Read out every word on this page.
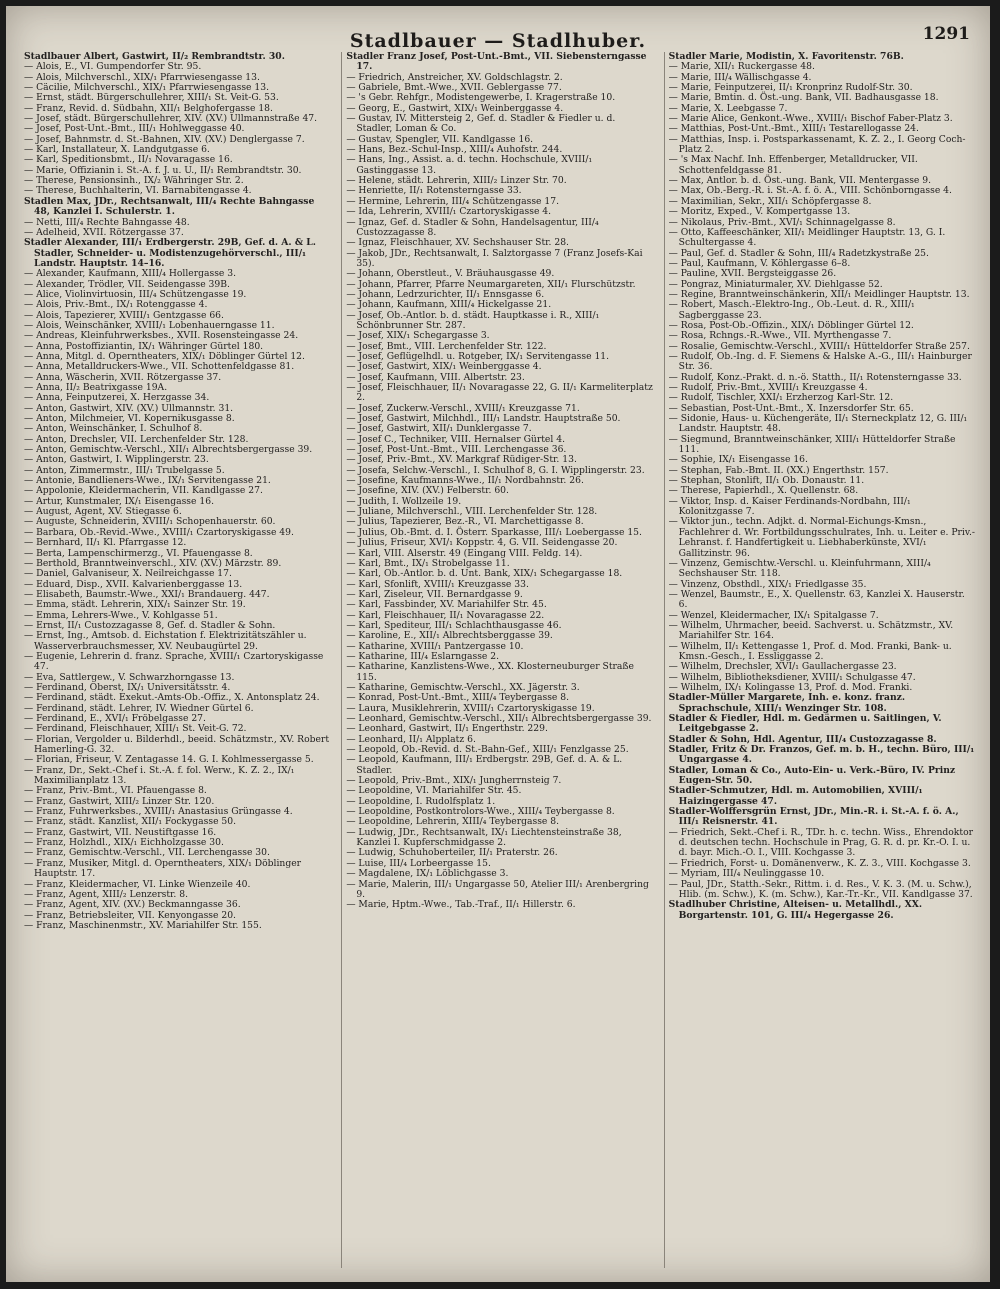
Stadlbauer — Stadlhuber.	1291
Stadlbauer Albert, Gastwirt, II/₂ Rembrandtstr. 30.
— Alois, E., VI. Gumpendorfer Str. 95.
— Alois, Milchverschl., XIX/₁ Pfarrwiesengasse 13.
— Cäcilie, Milchverschl., XIX/₁ Pfarrwiesengasse 13.
— Ernst, städt. Bürgerschullehrer, XIII/₁ St. Veit-G. 53.
— Franz, Revid. d. Südbahn, XII/₁ Belghofergasse 18.
— Josef, städt. Bürgerschullehrer, XIV. (XV.) Ullmannstraße 47.
— Josef, Post-Unt.-Bmt., III/₁ Hohlweggasse 40.
— Josef, Bahnmstr. d. St.-Bahnen, XIV. (XV.) Denglergasse 7.
— Karl, Installateur, X. Landgutgasse 6.
— Karl, Speditionsbmt., II/₁ Novaragasse 16.
— Marie, Offizianin i. St.-A. f. J. u. U., II/₁ Rembrandtstr. 30.
— Therese, Pensionsinh., IX/₂ Währinger Str. 2.
— Therese, Buchhalterin, VI. Barnabitengasse 4.
Stadlen Max, JDr., Rechtsanwalt, III/₄ Rechte Bahngasse 48, Kanzlei I. Schulerstr. 1.
— Netti, III/₄ Rechte Bahngasse 48.
— Adelheid, XVII. Rötzergasse 37.
Stadler Alexander, III/₁ Erdbergerstr. 29B, Gef. d. A. & L. Stadler, Schneider- u. Modistenzugehörverschl., III/₁ Landstr. Hauptstr. 14–16.
— Alexander, Kaufmann, XIII/₄ Hollergasse 3.
— Alexander, Trödler, VII. Seidengasse 39B.
— Alice, Violinvirtuosin, III/₄ Schützengasse 19.
— Alois, Priv.-Bmt., IX/₁ Rotenggasse 4.
— Alois, Tapezierer, XVIII/₁ Gentzgasse 66.
— Alois, Weinschänker, XVIII/₁ Lobenhauerngasse 11.
— Andreas, Kleinfuhrwerksbes., XVII. Rosensteingasse 24.
— Anna, Postoffiziantin, IX/₁ Währinger Gürtel 180.
— Anna, Mitgl. d. Operntheaters, XIX/₁ Döblinger Gürtel 12.
— Anna, Metalldruckers-Wwe., VII. Schottenfeldgasse 81.
— Anna, Wäscherin, XVII. Rötzergasse 37.
— Anna, II/₂ Beatrixgasse 19A.
— Anna, Feinputzerei, X. Herzgasse 34.
— Anton, Gastwirt, XIV. (XV.) Ullmannstr. 31.
— Anton, Milchmeier, VI. Kopernikusgasse 8.
— Anton, Weinschänker, I. Schulhof 8.
— Anton, Drechsler, VII. Lerchenfelder Str. 128.
— Anton, Gemischtw.-Verschl., XII/₁ Albrechtsbergergasse 39.
— Anton, Gastwirt, I. Wipplingerstr. 23.
— Anton, Zimmermstr., III/₁ Trubelgasse 5.
— Antonie, Bandlieners-Wwe., IX/₁ Servitengasse 21.
— Appolonie, Kleidermacherin, VII. Kandlgasse 27.
— Artur, Kunstmaler, IX/₁ Eisengasse 16.
— August, Agent, XV. Stiegasse 6.
— Auguste, Schneiderin, XVIII/₁ Schopenhauerstr. 60.
— Barbara, Ob.-Revid.-Wwe., XVIII/₁ Czartoryskigasse 49.
— Bernhard, II/₁ Kl. Pfarrgasse 12.
— Berta, Lampenschirmerzg., VI. Pfauengasse 8.
— Berthold, Branntweinverschl., XIV. (XV.) Märzstr. 89.
— Daniel, Galvaniseur, X. Neilreichgasse 17.
— Eduard, Disp., XVII. Kalvarienberggasse 13.
— Elisabeth, Baumstr.-Wwe., XXI/₁ Brandauerg. 447.
— Emma, städt. Lehrerin, XIX/₁ Sainzer Str. 19.
— Emma, Lehrers-Wwe., V. Kohlgasse 51.
— Ernst, II/₁ Custozzagasse 8, Gef. d. Stadler & Sohn.
— Ernst, Ing., Amtsob. d. Eichstation f. Elektrizitätszähler u. Wasserverbrauchsmesser, XV. Neubaugürtel 29.
— Eugenie, Lehrerin d. franz. Sprache, XVIII/₁ Czartoryskigasse 47.
— Eva, Sattlergew., V. Schwarzhorngasse 13.
— Ferdinand, Oberst, IX/₁ Universitätsstr. 4.
— Ferdinand, städt. Exekut.-Amts-Ob.-Offiz., X. Antonsplatz 24.
— Ferdinand, städt. Lehrer, IV. Wiedner Gürtel 6.
— Ferdinand, E., XVI/₁ Fröbelgasse 27.
— Ferdinand, Fleischhauer, XIII/₁ St. Veit-G. 72.
— Florian, Vergolder u. Bilderhdl., beeid. Schätzmstr., XV. Robert Hamerling-G. 32.
— Florian, Friseur, V. Zentagasse 14. G. I. Kohlmessergasse 5.
— Franz, Dr., Sekt.-Chef i. St.-A. f. fol. Werw., K. Z. 2., IX/₁ Maximilianplatz 13.
— Franz, Priv.-Bmt., VI. Pfauengasse 8.
— Franz, Gastwirt, XIII/₂ Linzer Str. 120.
— Franz, Fuhrwerksbes., XVIII/₁ Anastasius Grüngasse 4.
— Franz, städt. Kanzlist, XII/₁ Fockygasse 50.
— Franz, Gastwirt, VII. Neustiftgasse 16.
— Franz, Holzhdl., XIX/₁ Eichholzgasse 30.
— Franz, Gemischtw.-Verschl., VII. Lerchengasse 30.
— Franz, Musiker, Mitgl. d. Operntheaters, XIX/₁ Döblinger Hauptstr. 17.
— Franz, Kleidermacher, VI. Linke Wienzeile 40.
— Franz, Agent, XIII/₂ Lenzerstr. 8.
— Franz, Agent, XIV. (XV.) Beckmanngasse 36.
— Franz, Betriebsleiter, VII. Kenyongasse 20.
— Franz, Maschinenmstr., XV. Mariahilfer Str. 155.
Stadler Franz Josef, Post-Unt.-Bmt., VII. Siebensterngasse 17.
— Friedrich, Anstreicher, XV. Goldschlagstr. 2.
— Gabriele, Bmt.-Wwe., XVII. Geblergasse 77.
— 's Gebr. Rehfgr., Modistengewerbe, I. Kragerstraße 10.
— Georg, E., Gastwirt, XIX/₁ Weinberggasse 4.
— Gustav, IV. Mittersteig 2, Gef. d. Stadler & Fiedler u. d. Stadler, Loman & Co.
— Gustav, Spengler, VII. Kandlgasse 16.
— Hans, Bez.-Schul-Insp., XIII/₄ Auhofstr. 244.
— Hans, Ing., Assist. a. d. techn. Hochschule, XVIII/₁ Gastinggasse 13.
— Helene, städt. Lehrerin, XIII/₂ Linzer Str. 70.
— Henriette, II/₁ Rotensterngasse 33.
— Hermine, Lehrerin, III/₄ Schützengasse 17.
— Ida, Lehrerin, XVIII/₁ Czartoryskigasse 4.
— Ignaz, Gef. d. Stadler & Sohn, Handelsagentur, III/₄ Custozzagasse 8.
— Ignaz, Fleischhauer, XV. Sechshauser Str. 28.
— Jakob, JDr., Rechtsanwalt, I. Salztorgasse 7 (Franz Josefs-Kai 35).
— Johann, Oberstleut., V. Bräuhausgasse 49.
— Johann, Pfarrer, Pfarre Neumargareten, XII/₁ Flurschützstr.
— Johann, Ledrzurichter, II/₁ Ennsgasse 6.
— Johann, Kaufmann, XIII/₄ Hickelgasse 21.
— Josef, Ob.-Antlor. b. d. städt. Hauptkasse i. R., XIII/₁ Schönbrunner Str. 287.
— Josef, XIX/₁ Schegargasse 3.
— Josef, Bmt., VIII. Lerchenfelder Str. 122.
— Josef, Geflügelhdl. u. Rotgeber, IX/₁ Servitengasse 11.
— Josef, Gastwirt, XIX/₁ Weinberggasse 4.
— Josef, Kaufmann, VIII. Albertstr. 23.
— Josef, Fleischhauer, II/₁ Novaragasse 22, G. II/₁ Karmeliterplatz 2.
— Josef, Zuckerw.-Verschl., XVIII/₁ Kreuzgasse 71.
— Josef, Gastwirt, Milchhdl., III/₁ Landstr. Hauptstraße 50.
— Josef, Gastwirt, XII/₁ Dunklergasse 7.
— Josef C., Techniker, VIII. Hernalser Gürtel 4.
— Josef, Post-Unt.-Bmt., VIII. Lerchengasse 36.
— Josef, Priv.-Bmt., XV. Markgraf Rüdiger-Str. 13.
— Josefa, Selchw.-Verschl., I. Schulhof 8, G. I. Wipplingerstr. 23.
— Josefine, Kaufmanns-Wwe., II/₁ Nordbahnstr. 26.
— Josefine, XIV. (XV.) Felberstr. 60.
— Judith, I. Wollzeile 19.
— Juliane, Milchverschl., VIII. Lerchenfelder Str. 128.
— Julius, Tapezierer, Bez.-R., VI. Marchettigasse 8.
— Julius, Ob.-Bmt. d. I. Österr. Sparkasse, III/₁ Loebergasse 15.
— Julius, Friseur, XVI/₁ Koppstr. 4, G. VII. Seidengasse 20.
— Karl, VIII. Alserstr. 49 (Eingang VIII. Feldg. 14).
— Karl, Bmt., IX/₁ Strobelgasse 11.
— Karl, Ob.-Antlor. b. d. Unt. Bank, XIX/₁ Schegargasse 18.
— Karl, Sfonlift, XVIII/₁ Kreuzgasse 33.
— Karl, Ziseleur, VII. Bernardgasse 9.
— Karl, Fassbinder, XV. Mariahilfer Str. 45.
— Karl, Fleischhauer, II/₁ Novaragasse 22.
— Karl, Spediteur, III/₁ Schlachthausgasse 46.
— Karoline, E., XII/₁ Albrechtsberggasse 39.
— Katharine, XVIII/₁ Pantzergasse 10.
— Katharine, III/₄ Eslarngasse 2.
— Katharine, Kanzlistens-Wwe., XX. Klosterneuburger Straße 115.
— Katharine, Gemischtw.-Verschl., XX. Jägerstr. 3.
— Konrad, Post-Unt.-Bmt., XIII/₄ Teybergasse 8.
— Laura, Musiklehrerin, XVIII/₁ Czartoryskigasse 19.
— Leonhard, Gemischtw.-Verschl., XII/₁ Albrechtsbergergasse 39.
— Leonhard, Gastwirt, II/₁ Engerthstr. 229.
— Leonhard, II/₁ Alpplatz 6.
— Leopold, Ob.-Revid. d. St.-Bahn-Gef., XIII/₁ Fenzlgasse 25.
— Leopold, Kaufmann, III/₁ Erdbergstr. 29B, Gef. d. A. & L. Stadler.
— Leopold, Priv.-Bmt., XIX/₁ Jungherrnsteig 7.
— Leopoldine, VI. Mariahilfer Str. 45.
— Leopoldine, I. Rudolfsplatz 1.
— Leopoldine, Postkontrolors-Wwe., XIII/₄ Teybergasse 8.
— Leopoldine, Lehrerin, XIII/₄ Teybergasse 8.
— Ludwig, JDr., Rechtsanwalt, IX/₁ Liechtensteinstraße 38, Kanzlei I. Kupferschmidgasse 2.
— Ludwig, Schuhoberteiler, II/₁ Praterstr. 26.
— Luise, III/₄ Lorbeergasse 15.
— Magdalene, IX/₁ Löblichgasse 3.
— Marie, Malerin, III/₁ Ungargasse 50, Atelier III/₁ Arenbergring 9.
— Marie, Hptm.-Wwe., Tab.-Traf., II/₁ Hillerstr. 6.
Stadler Marie, Modistin, X. Favoritenstr. 76B.
— Marie, XII/₁ Ruckergasse 48.
— Marie, III/₄ Wällischgasse 4.
— Marie, Feinputzerei, II/₁ Kronprinz Rudolf-Str. 30.
— Marie, Bmtin. d. Öst.-ung. Bank, VII. Badhausgasse 18.
— Marie, X. Leebgasse 7.
— Marie Alice, Genkont.-Wwe., XVIII/₁ Bischof Faber-Platz 3.
— Matthias, Post-Unt.-Bmt., XIII/₁ Testarellogasse 24.
— Matthias, Insp. i. Postsparkassenamt, K. Z. 2., I. Georg Coch-Platz 2.
— 's Max Nachf. Inh. Effenberger, Metalldrucker, VII. Schottenfeldgasse 81.
— Max, Antlor. b. d. Öst.-ung. Bank, VII. Mentergasse 9.
— Max, Ob.-Berg.-R. i. St.-A. f. ö. A., VIII. Schönborngasse 4.
— Maximilian, Sekr., XII/₁ Schöpfergasse 8.
— Moritz, Exped., V. Kompertgasse 13.
— Nikolaus, Priv.-Bmt., XVI/₁ Schinnagelgasse 8.
— Otto, Kaffeeschänker, XII/₁ Meidlinger Hauptstr. 13, G. I. Schultergasse 4.
— Paul, Gef. d. Stadler & Sohn, III/₄ Radetzkystraße 25.
— Paul, Kaufmann, V. Köhlergasse 6–8.
— Pauline, XVII. Bergsteiggasse 26.
— Pongraz, Miniaturmaler, XV. Diehlgasse 52.
— Regine, Branntweinschänkerin, XII/₁ Meidlinger Hauptstr. 13.
— Robert, Masch.-Elektro-Ing., Ob.-Leut. d. R., XIII/₁ Sagberggasse 23.
— Rosa, Post-Ob.-Offizin., XIX/₁ Döblinger Gürtel 12.
— Rosa, Rchngs.-R.-Wwe., VII. Myrthengasse 7.
— Rosalie, Gemischtw.-Verschl., XVIII/₁ Hütteldorfer Straße 257.
— Rudolf, Ob.-Ing. d. F. Siemens & Halske A.-G., III/₁ Hainburger Str. 36.
— Rudolf, Konz.-Prakt. d. n.-ö. Statth., II/₁ Rotensterngasse 33.
— Rudolf, Priv.-Bmt., XVIII/₁ Kreuzgasse 4.
— Rudolf, Tischler, XXI/₁ Erzherzog Karl-Str. 12.
— Sebastian, Post-Unt.-Bmt., X. Inzersdorfer Str. 65.
— Sidonie, Haus- u. Küchengeräte, II/₁ Sterneckplatz 12, G. III/₁ Landstr. Hauptstr. 48.
— Siegmund, Branntweinschänker, XIII/₁ Hütteldorfer Straße 111.
— Sophie, IX/₁ Eisengasse 16.
— Stephan, Fab.-Bmt. II. (XX.) Engerthstr. 157.
— Stephan, Stonlift, II/₁ Ob. Donaustr. 11.
— Therese, Papierhdl., X. Quellenstr. 68.
— Viktor, Insp. d. Kaiser Ferdinands-Nordbahn, III/₁ Kolonitzgasse 7.
— Viktor jun., techn. Adjkt. d. Normal-Eichungs-Kmsn., Fachlehrer d. Wr. Fortbildungsschulrates, Inh. u. Leiter e. Priv.-Lehranst. f. Handfertigkeit u. Liebhaberkünste, XVI/₁ Gallitzinstr. 96.
— Vinzenz, Gemischtw.-Verschl. u. Kleinfuhrmann, XIII/₄ Sechshauser Str. 118.
— Vinzenz, Obsthdl., XIX/₁ Friedlgasse 35.
— Wenzel, Baumstr., E., X. Quellenstr. 63, Kanzlei X. Hauserstr. 6.
— Wenzel, Kleidermacher, IX/₁ Spitalgasse 7.
— Wilhelm, Uhrmacher, beeid. Sachverst. u. Schätzmstr., XV. Mariahilfer Str. 164.
— Wilhelm, II/₁ Kettengasse 1, Prof. d. Mod. Franki, Bank- u. Kmsn.-Gesch., I. Essliggasse 2.
— Wilhelm, Drechsler, XVI/₁ Gaullachergasse 23.
— Wilhelm, Bibliotheksdiener, XVIII/₁ Schulgasse 47.
— Wilhelm, IX/₁ Kolingasse 13, Prof. d. Mod. Franki.
Stadler-Müller Margarete, Inh. e. konz. franz. Sprachschule, XIII/₁ Wenzinger Str. 108.
Stadler & Fiedler, Hdl. m. Gedärmen u. Saitlingen, V. Leitgebgasse 2.
Stadler & Sohn, Hdl. Agentur, III/₄ Custozzagasse 8.
Stadler, Fritz & Dr. Franzos, Gef. m. b. H., techn. Büro, III/₁ Ungargasse 4.
Stadler, Loman & Co., Auto-Ein- u. Verk.-Büro, IV. Prinz Eugen-Str. 50.
Stadler-Schmutzer, Hdl. m. Automobilien, XVIII/₁ Haizingergasse 47.
Stadler-Wolffersgrün Ernst, JDr., Min.-R. i. St.-A. f. ö. A., III/₁ Reisnerstr. 41.
— Friedrich, Sekt.-Chef i. R., TDr. h. c. techn. Wiss., Ehrendoktor d. deutschen techn. Hochschule in Prag, G. R. d. pr. Kr.-O. I. u. d. bayr. Mich.-O. I., VIII. Kochgasse 3.
— Friedrich, Forst- u. Domänenverw., K. Z. 3., VIII. Kochgasse 3.
— Myriam, III/₄ Neulinggasse 10.
— Paul, JDr., Statth.-Sekr., Rittm. i. d. Res., V. K. 3. (M. u. Schw.), Hlib. (m. Schw.), K. (m. Schw.), Kar.-Tr.-Kr., VII. Kandlgasse 37.
Stadlhuber Christine, Alteisen- u. Metallhdl., XX. Borgartenstr. 101, G. III/₄ Hegergasse 26.
